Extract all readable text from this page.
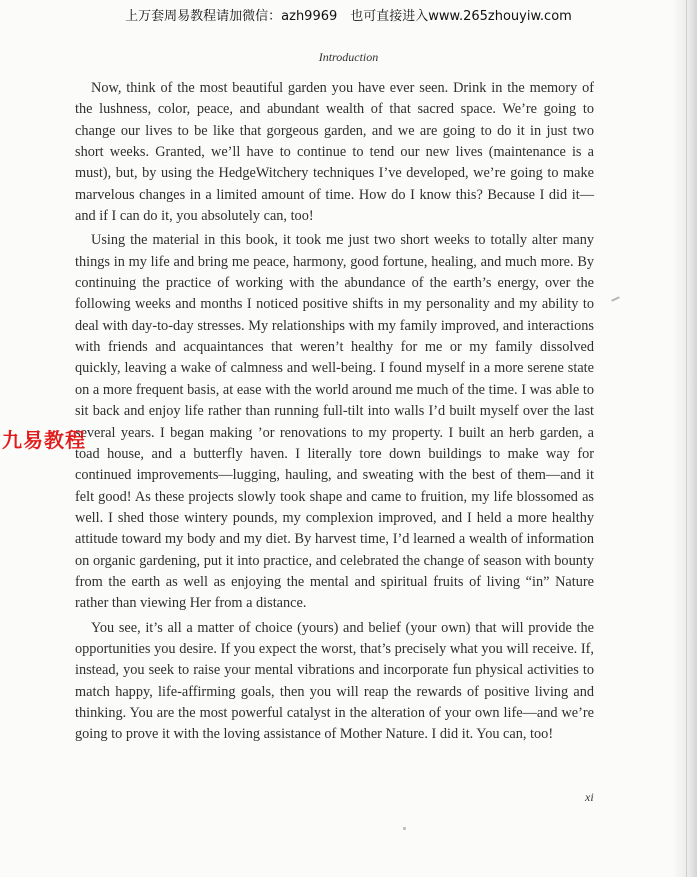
上万套周易教程请加微信：azh9969　也可直接进入www.265zhouyiw.com
Introduction

Now, think of the most beautiful garden you have ever seen. Drink in the memory of the lushness, color, peace, and abundant wealth of that sacred space. We’re going to change our lives to be like that gorgeous garden, and we are going to do it in just two short weeks. Granted, we’ll have to continue to tend our new lives (maintenance is a must), but, by using the HedgeWitchery techniques I’ve developed, we’re going to make marvelous changes in a limited amount of time. How do I know this? Because I did it—and if I can do it, you absolutely can, too!

Using the material in this book, it took me just two short weeks to totally alter many things in my life and bring me peace, harmony, good fortune, healing, and much more. By continuing the practice of working with the abundance of the earth’s energy, over the following weeks and months I noticed positive shifts in my personality and my ability to deal with day-to-day stresses. My relationships with my family improved, and interactions with friends and acquaintances that weren’t healthy for me or my family dissolved quickly, leaving a wake of calmness and well-being. I found myself in a more serene state on a more frequent basis, at ease with the world around me much of the time. I was able to sit back and enjoy life rather than running full-tilt into walls I’d built myself over the last several years. I began making ’or renovations to my property. I built an herb garden, a toad house, and a butterfly haven. I literally tore down buildings to make way for continued improvements—lugging, hauling, and sweating with the best of them—and it felt good! As these projects slowly took shape and came to fruition, my life blossomed as well. I shed those wintery pounds, my complexion improved, and I held a more healthy attitude toward my body and my diet. By harvest time, I’d learned a wealth of information on organic gardening, put it into practice, and celebrated the change of season with bounty from the earth as well as enjoying the mental and spiritual fruits of living “in” Nature rather than viewing Her from a distance.

You see, it’s all a matter of choice (yours) and belief (your own) that will provide the opportunities you desire. If you expect the worst, that’s precisely what you will receive. If, instead, you seek to raise your mental vibrations and incorporate fun physical activities to match happy, life-affirming goals, then you will reap the rewards of positive living and thinking. You are the most powerful catalyst in the alteration of your own life—and we’re going to prove it with the loving assistance of Mother Nature. I did it. You can, too!

九易教程
xi
